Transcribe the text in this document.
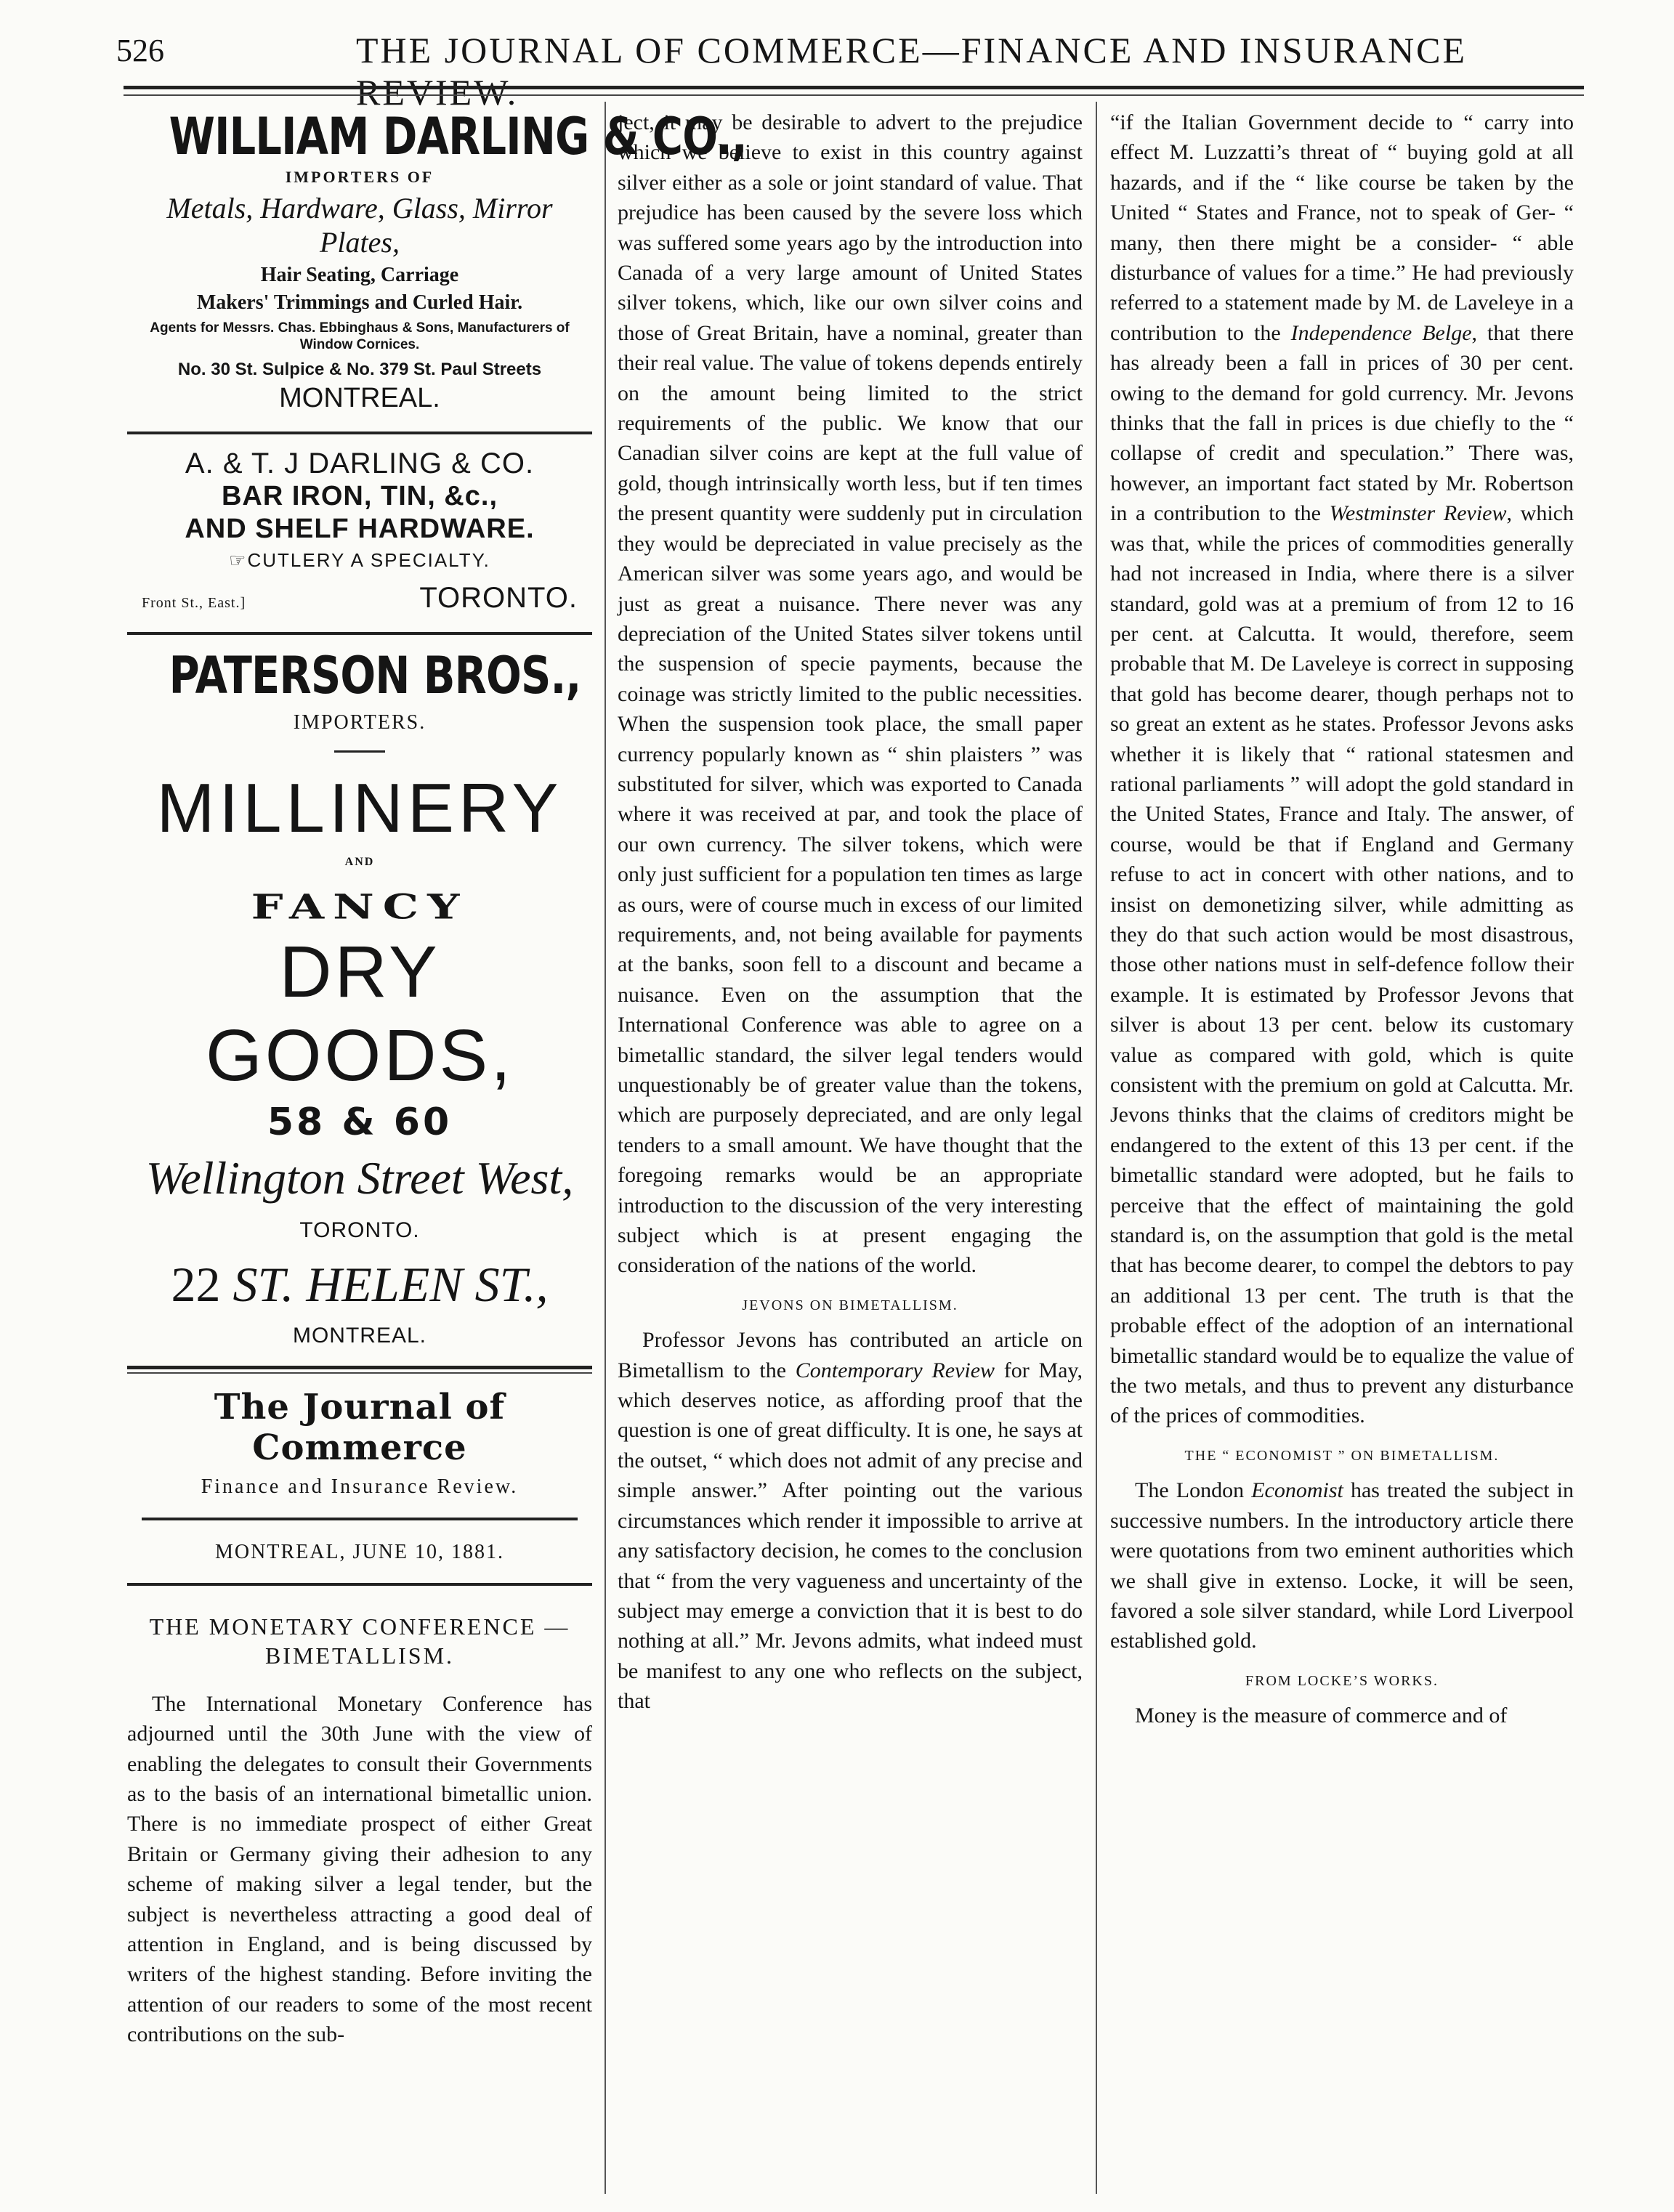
526	THE JOURNAL OF COMMERCE—FINANCE AND INSURANCE REVIEW.
WILLIAM DARLING & CO.,
IMPORTERS OF
Metals, Hardware, Glass, Mirror Plates,
Hair Seating, Carriage
Makers' Trimmings and Curled Hair.
Agents for Messrs. Chas. Ebbinghaus & Sons, Manufacturers of Window Cornices.
No. 30 St. Sulpice & No. 379 St. Paul Streets
MONTREAL.
A. & T. J DARLING & CO.
BAR IRON, TIN, &c.,
AND SHELF HARDWARE.
☞CUTLERY A SPECIALTY.
Front St., East.]	TORONTO.
PATERSON BROS.,
IMPORTERS.
MILLINERY
AND
FANCY
DRY GOODS,
58 & 60
Wellington Street West,
TORONTO.
22 ST. HELEN ST.,
MONTREAL.
The Journal of Commerce
Finance and Insurance Review.
MONTREAL, JUNE 10, 1881.
THE MONETARY CONFERENCE —
BIMETALLISM.

The International Monetary Conference has adjourned until the 30th June with the view of enabling the delegates to consult their Governments as to the basis of an international bimetallic union. There is no immediate prospect of either Great Britain or Germany giving their adhesion to any scheme of making silver a legal tender, but the subject is nevertheless attracting a good deal of attention in England, and is being discussed by writers of the highest standing. Before inviting the attention of our readers to some of the most recent contributions on the sub-

ject, it may be desirable to advert to the prejudice which we believe to exist in this country against silver either as a sole or joint standard of value. That prejudice has been caused by the severe loss which was suffered some years ago by the introduction into Canada of a very large amount of United States silver tokens, which, like our own silver coins and those of Great Britain, have a nominal, greater than their real value. The value of tokens depends entirely on the amount being limited to the strict requirements of the public. We know that our Canadian silver coins are kept at the full value of gold, though intrinsically worth less, but if ten times the present quantity were suddenly put in circulation they would be depreciated in value precisely as the American silver was some years ago, and would be just as great a nuisance. There never was any depreciation of the United States silver tokens until the suspension of specie payments, because the coinage was strictly limited to the public necessities. When the suspension took place, the small paper currency popularly known as “ shin plaisters ” was substituted for silver, which was exported to Canada where it was received at par, and took the place of our own currency. The silver tokens, which were only just sufficient for a population ten times as large as ours, were of course much in excess of our limited requirements, and, not being available for payments at the banks, soon fell to a discount and became a nuisance. Even on the assumption that the International Conference was able to agree on a bimetallic standard, the silver legal tenders would unquestionably be of greater value than the tokens, which are purposely depreciated, and are only legal tenders to a small amount. We have thought that the foregoing remarks would be an appropriate introduction to the discussion of the very interesting subject which is at present engaging the consideration of the nations of the world.

JEVONS ON BIMETALLISM.

Professor Jevons has contributed an article on Bimetallism to the Contemporary Review for May, which deserves notice, as affording proof that the question is one of great difficulty. It is one, he says at the outset, “ which does not admit of any precise and simple answer.” After pointing out the various circumstances which render it impossible to arrive at any satisfactory decision, he comes to the conclusion that “ from the very vagueness and uncertainty of the subject may emerge a conviction that it is best to do nothing at all.” Mr. Jevons admits, what indeed must be manifest to any one who reflects on the subject, that

“if the Italian Government decide to “ carry into effect M. Luzzatti’s threat of “ buying gold at all hazards, and if the “ like course be taken by the United “ States and France, not to speak of Ger- “ many, then there might be a consider- “ able disturbance of values for a time.” He had previously referred to a statement made by M. de Laveleye in a contribution to the Independence Belge, that there has already been a fall in prices of 30 per cent. owing to the demand for gold currency. Mr. Jevons thinks that the fall in prices is due chiefly to the “ collapse of credit and speculation.” There was, however, an important fact stated by Mr. Robertson in a contribution to the Westminster Review, which was that, while the prices of commodities generally had not increased in India, where there is a silver standard, gold was at a premium of from 12 to 16 per cent. at Calcutta. It would, therefore, seem probable that M. De Laveleye is correct in supposing that gold has become dearer, though perhaps not to so great an extent as he states. Professor Jevons asks whether it is likely that “ rational statesmen and rational parliaments ” will adopt the gold standard in the United States, France and Italy. The answer, of course, would be that if England and Germany refuse to act in concert with other nations, and to insist on demonetizing silver, while admitting as they do that such action would be most disastrous, those other nations must in self-defence follow their example. It is estimated by Professor Jevons that silver is about 13 per cent. below its customary value as compared with gold, which is quite consistent with the premium on gold at Calcutta. Mr. Jevons thinks that the claims of creditors might be endangered to the extent of this 13 per cent. if the bimetallic standard were adopted, but he fails to perceive that the effect of maintaining the gold standard is, on the assumption that gold is the metal that has become dearer, to compel the debtors to pay an additional 13 per cent. The truth is that the probable effect of the adoption of an international bimetallic standard would be to equalize the value of the two metals, and thus to prevent any disturbance of the prices of commodities.

THE “ ECONOMIST ” ON BIMETALLISM.

The London Economist has treated the subject in successive numbers. In the introductory article there were quotations from two eminent authorities which we shall give in extenso. Locke, it will be seen, favored a sole silver standard, while Lord Liverpool established gold.

FROM LOCKE’S WORKS.

Money is the measure of commerce and of
